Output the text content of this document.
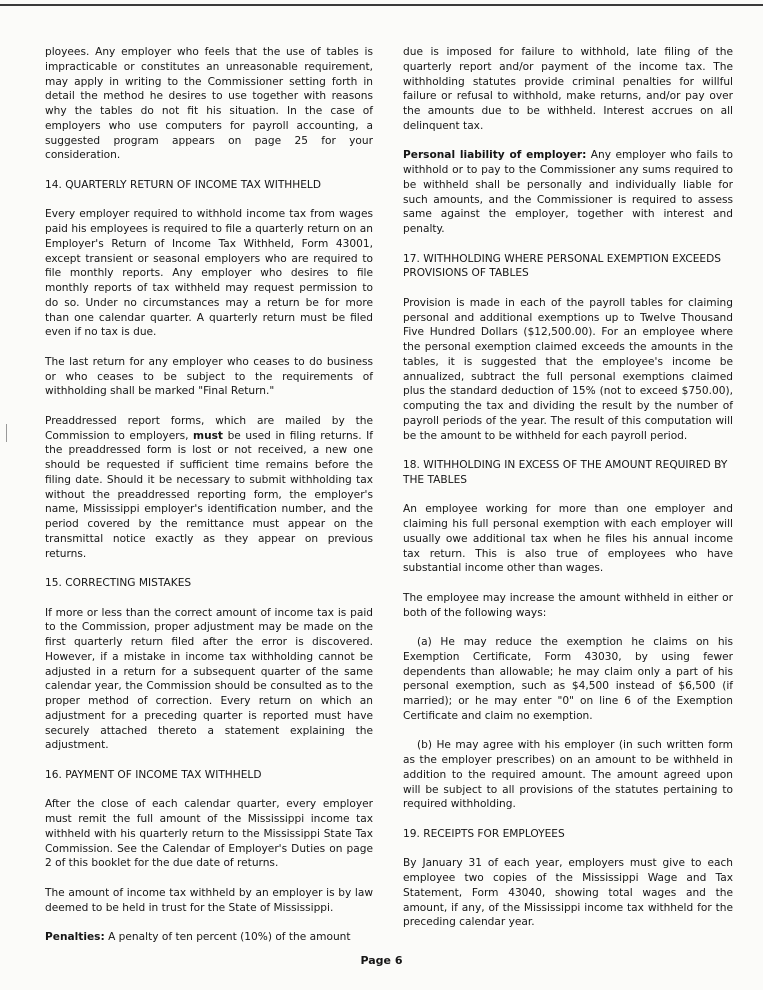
ployees. Any employer who feels that the use of tables is impracticable or constitutes an unreasonable requirement, may apply in writing to the Commissioner setting forth in detail the method he desires to use together with reasons why the tables do not fit his situation. In the case of employers who use computers for payroll accounting, a suggested program appears on page 25 for your consideration.

14. QUARTERLY RETURN OF INCOME TAX WITHHELD

Every employer required to withhold income tax from wages paid his employees is required to file a quarterly return on an Employer's Return of Income Tax Withheld, Form 43001, except transient or seasonal employers who are required to file monthly reports. Any employer who desires to file monthly reports of tax withheld may request permission to do so. Under no circumstances may a return be for more than one calendar quarter. A quarterly return must be filed even if no tax is due.

The last return for any employer who ceases to do business or who ceases to be subject to the requirements of withholding shall be marked "Final Return."

Preaddressed report forms, which are mailed by the Commission to employers, must be used in filing returns. If the preaddressed form is lost or not received, a new one should be requested if sufficient time remains before the filing date. Should it be necessary to submit withholding tax without the preaddressed reporting form, the employer's name, Mississippi employer's identification number, and the period covered by the remittance must appear on the transmittal notice exactly as they appear on previous returns.

15. CORRECTING MISTAKES

If more or less than the correct amount of income tax is paid to the Commission, proper adjustment may be made on the first quarterly return filed after the error is discovered. However, if a mistake in income tax withholding cannot be adjusted in a return for a subsequent quarter of the same calendar year, the Commission should be consulted as to the proper method of correction. Every return on which an adjustment for a preceding quarter is reported must have securely attached thereto a statement explaining the adjustment.

16. PAYMENT OF INCOME TAX WITHHELD

After the close of each calendar quarter, every employer must remit the full amount of the Mississippi income tax withheld with his quarterly return to the Mississippi State Tax Commission. See the Calendar of Employer's Duties on page 2 of this booklet for the due date of returns.

The amount of income tax withheld by an employer is by law deemed to be held in trust for the State of Mississippi.

Penalties: A penalty of ten percent (10%) of the amount

due is imposed for failure to withhold, late filing of the quarterly report and/or payment of the income tax. The withholding statutes provide criminal penalties for willful failure or refusal to withhold, make returns, and/or pay over the amounts due to be withheld. Interest accrues on all delinquent tax.

Personal liability of employer: Any employer who fails to withhold or to pay to the Commissioner any sums required to be withheld shall be personally and individually liable for such amounts, and the Commissioner is required to assess same against the employer, together with interest and penalty.

17. WITHHOLDING WHERE PERSONAL EXEMPTION EXCEEDS PROVISIONS OF TABLES

Provision is made in each of the payroll tables for claiming personal and additional exemptions up to Twelve Thousand Five Hundred Dollars ($12,500.00). For an employee where the personal exemption claimed exceeds the amounts in the tables, it is suggested that the employee's income be annualized, subtract the full personal exemptions claimed plus the standard deduction of 15% (not to exceed $750.00), computing the tax and dividing the result by the number of payroll periods of the year. The result of this computation will be the amount to be withheld for each payroll period.

18. WITHHOLDING IN EXCESS OF THE AMOUNT REQUIRED BY THE TABLES

An employee working for more than one employer and claiming his full personal exemption with each employer will usually owe additional tax when he files his annual income tax return. This is also true of employees who have substantial income other than wages.

The employee may increase the amount withheld in either or both of the following ways:

(a) He may reduce the exemption he claims on his Exemption Certificate, Form 43030, by using fewer dependents than allowable; he may claim only a part of his personal exemption, such as $4,500 instead of $6,500 (if married); or he may enter "0" on line 6 of the Exemption Certificate and claim no exemption.

(b) He may agree with his employer (in such written form as the employer prescribes) on an amount to be withheld in addition to the required amount. The amount agreed upon will be subject to all provisions of the statutes pertaining to required withholding.

19. RECEIPTS FOR EMPLOYEES

By January 31 of each year, employers must give to each employee two copies of the Mississippi Wage and Tax Statement, Form 43040, showing total wages and the amount, if any, of the Mississippi income tax withheld for the preceding calendar year.

Page 6
